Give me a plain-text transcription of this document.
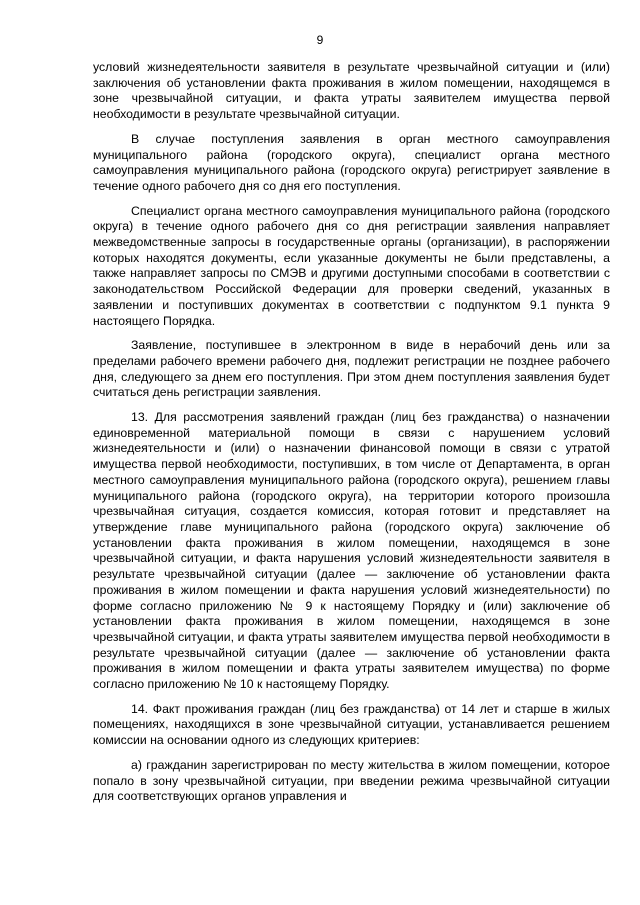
9

условий жизнедеятельности заявителя в результате чрезвычайной ситуации и (или) заключения об установлении факта проживания в жилом помещении, находящемся в зоне чрезвычайной ситуации, и факта утраты заявителем имущества первой необходимости в результате чрезвычайной ситуации.

В случае поступления заявления в орган местного самоуправления муниципального района (городского округа), специалист органа местного самоуправления муниципального района (городского округа) регистрирует заявление в течение одного рабочего дня со дня его поступления.

Специалист органа местного самоуправления муниципального района (городского округа) в течение одного рабочего дня со дня регистрации заявления направляет межведомственные запросы в государственные органы (организации), в распоряжении которых находятся документы, если указанные документы не были представлены, а также направляет запросы по СМЭВ и другими доступными способами в соответствии с законодательством Российской Федерации для проверки сведений, указанных в заявлении и поступивших документах в соответствии с подпунктом 9.1 пункта 9 настоящего Порядка.

Заявление, поступившее в электронном в виде в нерабочий день или за пределами рабочего времени рабочего дня, подлежит регистрации не позднее рабочего дня, следующего за днем его поступления. При этом днем поступления заявления будет считаться день регистрации заявления.

13. Для рассмотрения заявлений граждан (лиц без гражданства) о назначении единовременной материальной помощи в связи с нарушением условий жизнедеятельности и (или) о назначении финансовой помощи в связи с утратой имущества первой необходимости, поступивших, в том числе от Департамента, в орган местного самоуправления муниципального района (городского округа), решением главы муниципального района (городского округа), на территории которого произошла чрезвычайная ситуация, создается комиссия, которая готовит и представляет на утверждение главе муниципального района (городского округа) заключение об установлении факта проживания в жилом помещении, находящемся в зоне чрезвычайной ситуации, и факта нарушения условий жизнедеятельности заявителя в результате чрезвычайной ситуации (далее — заключение об установлении факта проживания в жилом помещении и факта нарушения условий жизнедеятельности) по форме согласно приложению № 9 к настоящему Порядку и (или) заключение об установлении факта проживания в жилом помещении, находящемся в зоне чрезвычайной ситуации, и факта утраты заявителем имущества первой необходимости в результате чрезвычайной ситуации (далее — заключение об установлении факта проживания в жилом помещении и факта утраты заявителем имущества) по форме согласно приложению № 10 к настоящему Порядку.

14. Факт проживания граждан (лиц без гражданства) от 14 лет и старше в жилых помещениях, находящихся в зоне чрезвычайной ситуации, устанавливается решением комиссии на основании одного из следующих критериев:

а) гражданин зарегистрирован по месту жительства в жилом помещении, которое попало в зону чрезвычайной ситуации, при введении режима чрезвычайной ситуации для соответствующих органов управления и
